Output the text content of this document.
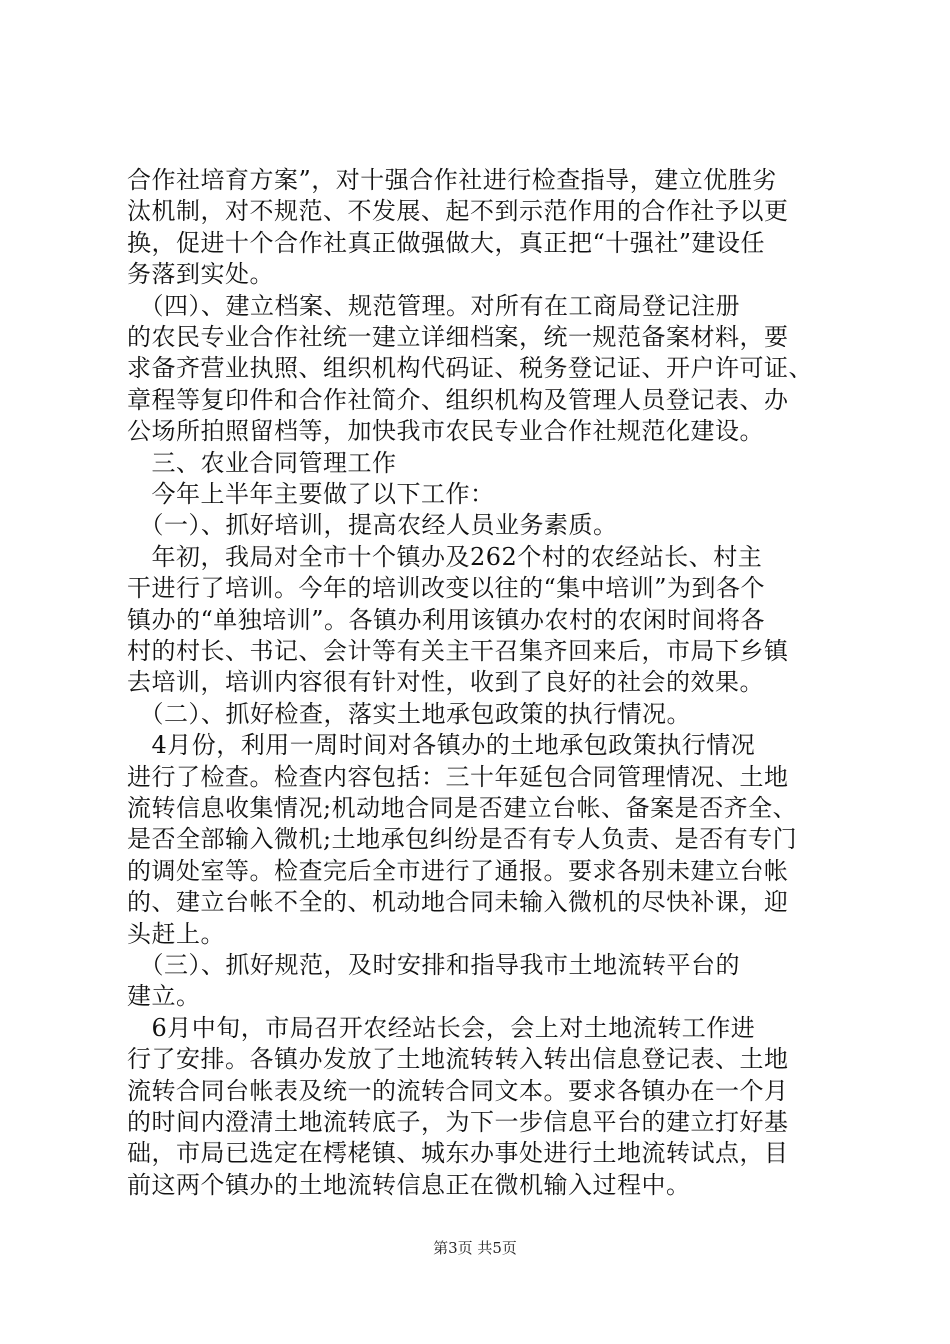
合作社培育方案”，对十强合作社进行检查指导，建立优胜劣
汰机制，对不规范、不发展、起不到示范作用的合作社予以更
换，促进十个合作社真正做强做大，真正把“十强社”建设任
务落到实处。
　（四）、建立档案、规范管理。对所有在工商局登记注册
的农民专业合作社统一建立详细档案，统一规范备案材料，要
求备齐营业执照、组织机构代码证、税务登记证、开户许可证、
章程等复印件和合作社简介、组织机构及管理人员登记表、办
公场所拍照留档等，加快我市农民专业合作社规范化建设。
　三、农业合同管理工作
　今年上半年主要做了以下工作：
　（一）、抓好培训，提高农经人员业务素质。
　年初，我局对全市十个镇办及262个村的农经站长、村主
干进行了培训。今年的培训改变以往的“集中培训”为到各个
镇办的“单独培训”。各镇办利用该镇办农村的农闲时间将各
村的村长、书记、会计等有关主干召集齐回来后，市局下乡镇
去培训，培训内容很有针对性，收到了良好的社会的效果。
　（二）、抓好检查，落实土地承包政策的执行情况。
　4月份，利用一周时间对各镇办的土地承包政策执行情况
进行了检查。检查内容包括：三十年延包合同管理情况、土地
流转信息收集情况;机动地合同是否建立台帐、备案是否齐全、
是否全部输入微机;土地承包纠纷是否有专人负责、是否有专门
的调处室等。检查完后全市进行了通报。要求各别未建立台帐
的、建立台帐不全的、机动地合同未输入微机的尽快补课，迎
头赶上。
　（三）、抓好规范，及时安排和指导我市土地流转平台的
建立。
　6月中旬，市局召开农经站长会，会上对土地流转工作进
行了安排。各镇办发放了土地流转转入转出信息登记表、土地
流转合同台帐表及统一的流转合同文本。要求各镇办在一个月
的时间内澄清土地流转底子，为下一步信息平台的建立打好基
础，市局已选定在樗栳镇、城东办事处进行土地流转试点，目
前这两个镇办的土地流转信息正在微机输入过程中。
第3页 共5页
